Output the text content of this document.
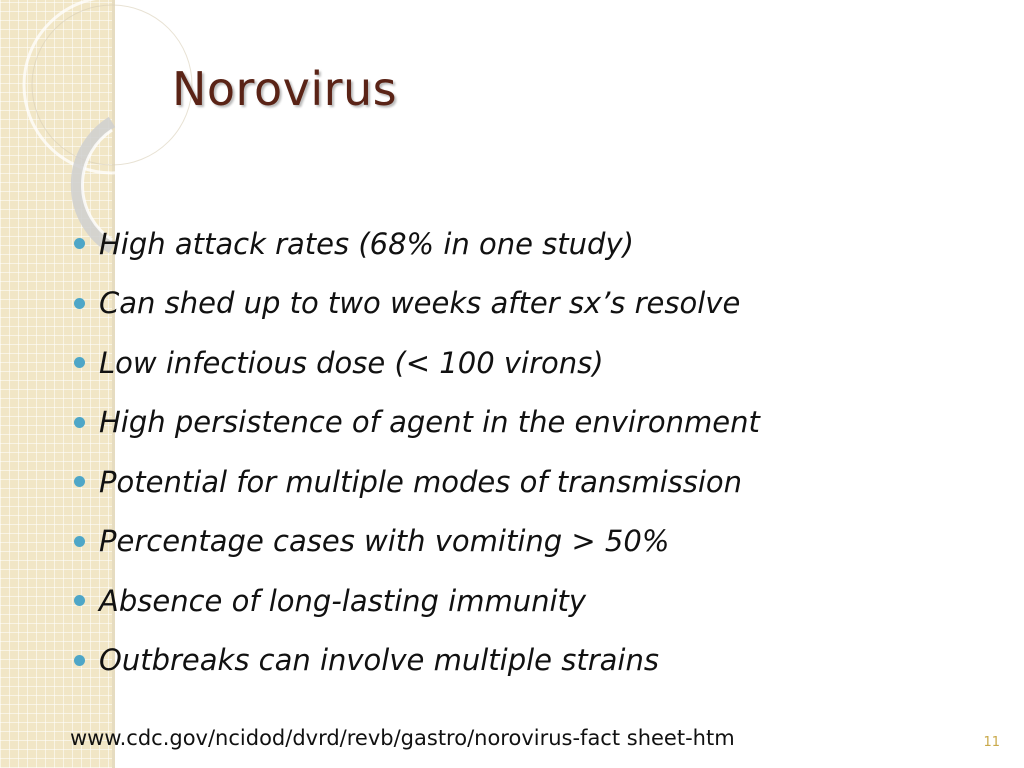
Norovirus
High attack rates (68% in one study)
Can shed up to two weeks after sx’s resolve
Low infectious dose (< 100 virons)
High persistence of agent in the environment
Potential for multiple modes of transmission
Percentage cases with vomiting > 50%
Absence of long-lasting immunity
Outbreaks can involve multiple strains
www.cdc.gov/ncidod/dvrd/revb/gastro/norovirus-fact sheet-htm	11
